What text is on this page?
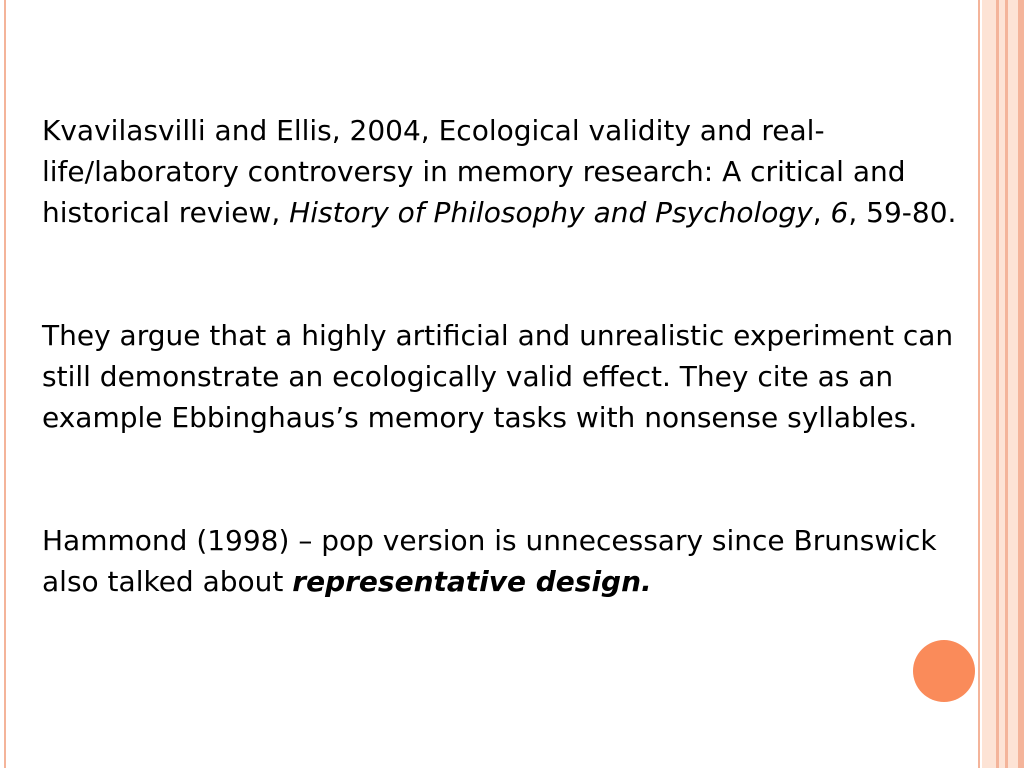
Kvavilasvilli and Ellis, 2004, Ecological validity and real-life/laboratory controversy in memory research: A critical and historical review, History of Philosophy and Psychology, 6, 59-80.

They argue that a highly artificial and unrealistic experiment can still demonstrate an ecologically valid effect. They cite as an example Ebbinghaus’s memory tasks with nonsense syllables.

Hammond (1998) – pop version is unnecessary since Brunswick also talked about representative design.
